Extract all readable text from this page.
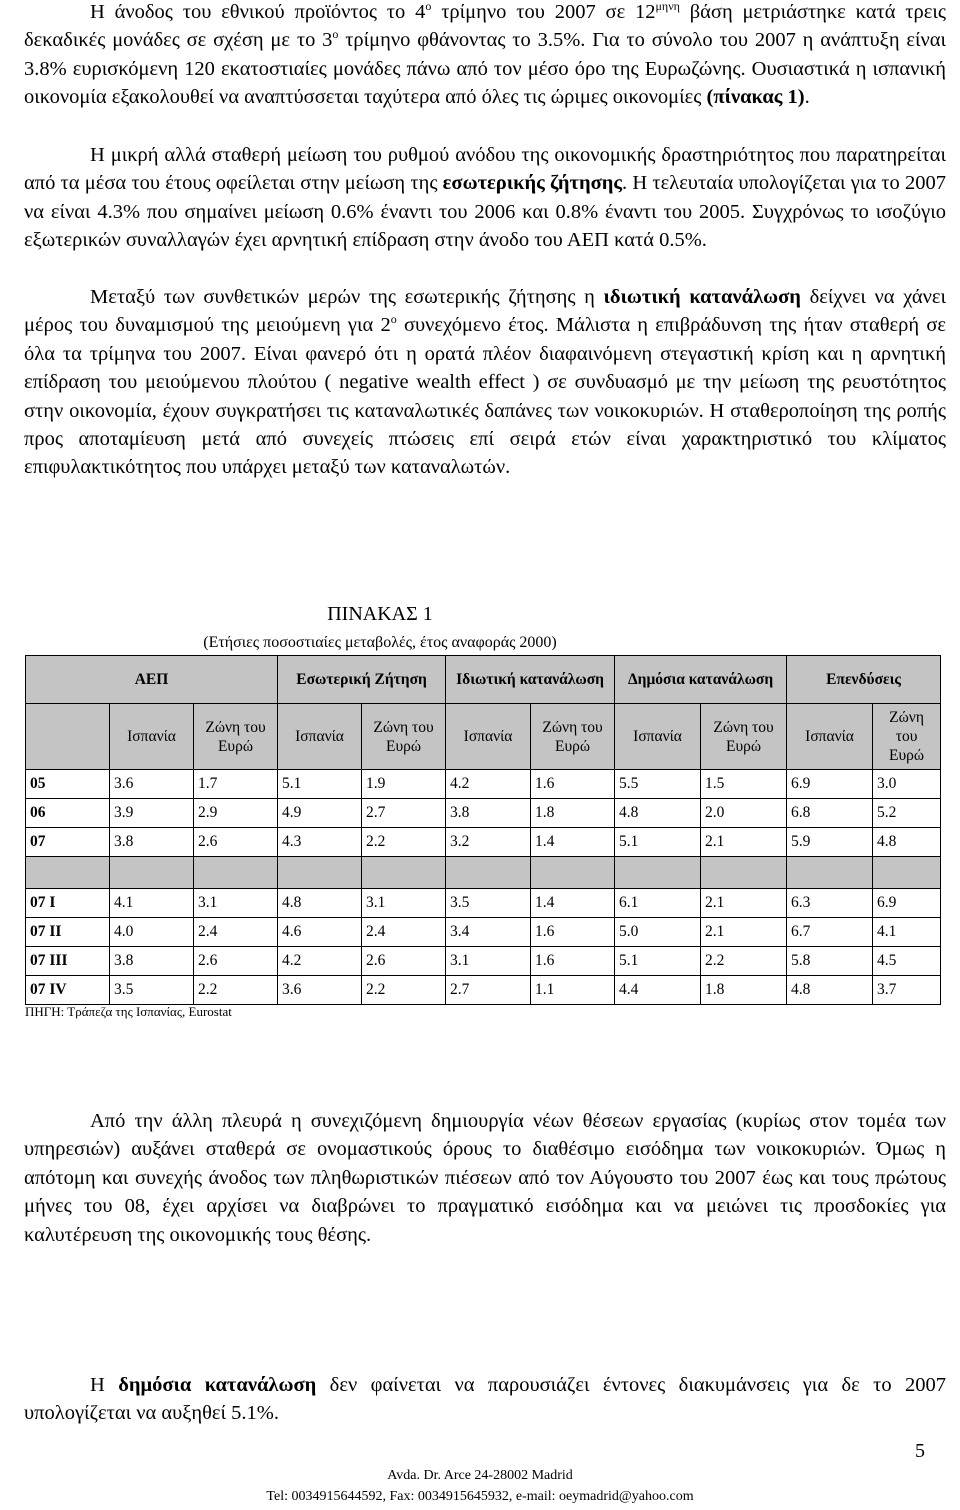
Η άνοδος του εθνικού προϊόντος το $4^o$ τρίμηνο του 2007 σε $12^{\mu\eta\nu\eta}$ βάση μετριάστηκε κατά τρεις δεκαδικές μονάδες σε σχέση με το $3^o$ τρίμηνο φθάνοντας το 3.5%. Για το σύνολο του 2007 η ανάπτυξη είναι 3.8% ευρισκόμενη 120 εκατοστιαίες μονάδες πάνω από τον μέσο όρο της Ευρωζώνης. Ουσιαστικά η ισπανική οικονομία εξακολουθεί να αναπτύσσεται ταχύτερα από όλες τις ώριμες οικονομίες (πίνακας 1).

Η μικρή αλλά σταθερή μείωση του ρυθμού ανόδου της οικονομικής δραστηριότητος που παρατηρείται από τα μέσα του έτους οφείλεται στην μείωση της εσωτερικής ζήτησης. Η τελευταία υπολογίζεται για το 2007 να είναι 4.3% που σημαίνει μείωση 0.6% έναντι του 2006 και 0.8% έναντι του 2005. Συγχρόνως το ισοζύγιο εξωτερικών συναλλαγών έχει αρνητική επίδραση στην άνοδο του ΑΕΠ κατά 0.5%.

Μεταξύ των συνθετικών μερών της εσωτερικής ζήτησης η ιδιωτική κατανάλωση δείχνει να χάνει μέρος του δυναμισμού της μειούμενη για $2^o$ συνεχόμενο έτος. Μάλιστα η επιβράδυνση της ήταν σταθερή σε όλα τα τρίμηνα του 2007. Είναι φανερό ότι η ορατά πλέον διαφαινόμενη στεγαστική κρίση και η αρνητική επίδραση του μειούμενου πλούτου ( negative wealth effect ) σε συνδυασμό με την μείωση της ρευστότητος στην οικονομία, έχουν συγκρατήσει τις καταναλωτικές δαπάνες των νοικοκυριών. Η σταθεροποίηση της ροπής προς αποταμίευση μετά από συνεχείς πτώσεις επί σειρά ετών είναι χαρακτηριστικό του κλίματος επιφυλακτικότητος που υπάρχει μεταξύ των καταναλωτών.

ΠΙΝΑΚΑΣ 1
(Ετήσιες ποσοστιαίες μεταβολές, έτος αναφοράς 2000)
ΑΕΠ			Εσωτερική Ζήτηση		Ιδιωτική κατανάλωση		Δημόσια κατανάλωση		Επενδύσεις	
	Ισπανία	Ζώνη του Ευρώ	Ισπανία	Ζώνη του Ευρώ	Ισπανία	Ζώνη του Ευρώ	Ισπανία	Ζώνη του Ευρώ	Ισπανία	Ζώνη του Ευρώ
05	3.6	1.7	5.1	1.9	4.2	1.6	5.5	1.5	6.9	3.0
06	3.9	2.9	4.9	2.7	3.8	1.8	4.8	2.0	6.8	5.2
07	3.8	2.6	4.3	2.2	3.2	1.4	5.1	2.1	5.9	4.8

07 I	4.1	3.1	4.8	3.1	3.5	1.4	6.1	2.1	6.3	6.9
07 II	4.0	2.4	4.6	2.4	3.4	1.6	5.0	2.1	6.7	4.1
07 III	3.8	2.6	4.2	2.6	3.1	1.6	5.1	2.2	5.8	4.5
07 IV	3.5	2.2	3.6	2.2	2.7	1.1	4.4	1.8	4.8	3.7
ΠΗΓΗ: Τράπεζα της Ισπανίας, Eurostat

Από την άλλη πλευρά η συνεχιζόμενη δημιουργία νέων θέσεων εργασίας (κυρίως στον τομέα των υπηρεσιών) αυξάνει σταθερά σε ονομαστικούς όρους το διαθέσιμο εισόδημα των νοικοκυριών. Όμως η απότομη και συνεχής άνοδος των πληθωριστικών πιέσεων από τον Αύγουστο του 2007 έως και τους πρώτους μήνες του 08, έχει αρχίσει να διαβρώνει το πραγματικό εισόδημα και να μειώνει τις προσδοκίες για καλυτέρευση της οικονομικής τους θέσης.

Η δημόσια κατανάλωση δεν φαίνεται να παρουσιάζει έντονες διακυμάνσεις για δε το 2007 υπολογίζεται να αυξηθεί 5.1%.

5
Avda. Dr. Arce 24-28002 Madrid
Tel: 0034915644592, Fax: 0034915645932, e-mail: oeymadrid@yahoo.com
